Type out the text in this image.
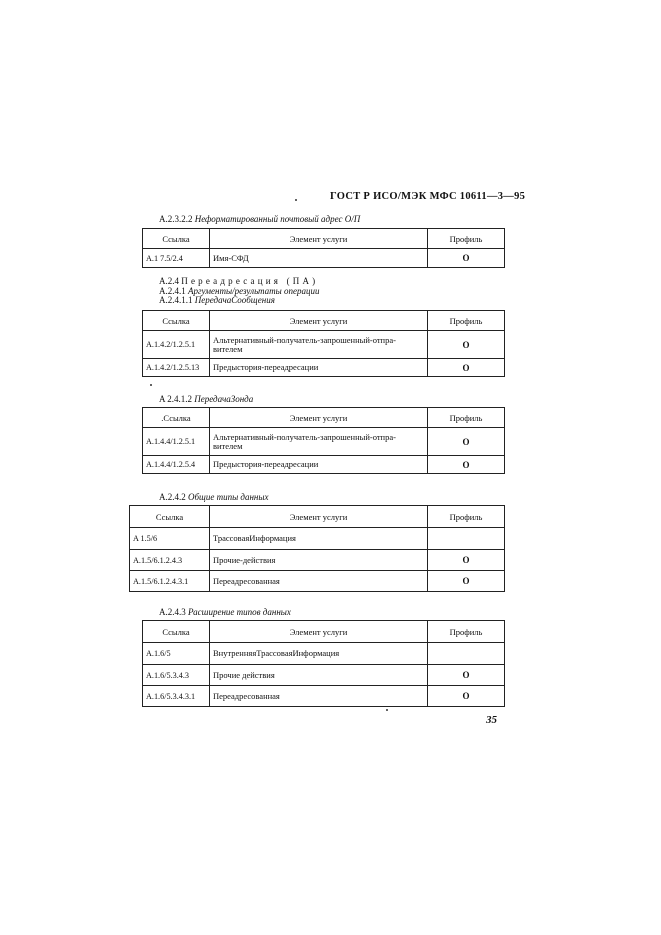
ГОСТ Р ИСО/МЭК МФС 10611—3—95
A.2.3.2.2 Неформатированный почтовый адрес О/П
Ссылка	Элемент услуги	Профиль
A.1 7.5/2.4	Имя-СФД	O
A.2.4 Переадресация (ПА)
A.2.4.1 Аргументы/результаты операции
A.2.4.1.1 ПередачаСообщения
Ссылка	Элемент услуги	Профиль
A.1.4.2/1.2.5.1	Альтернативный-получатель-запрошенный-отпра-вителем	O
A.1.4.2/1.2.5.13	Предыстория-переадресации	O
A 2.4.1.2 ПередачаЗонда
.Ссылка	Элемент услуги	Профиль
A.1.4.4/1.2.5.1	Альтернативный-получатель-запрошенный-отпра-вителем	O
A.1.4.4/1.2.5.4	Предыстория-переадресации	O
A.2.4.2 Общие типы данных
Ссылка	Элемент услуги	Профиль
A 1.5/6	ТрассоваяИнформация	
A.1.5/6.1.2.4.3	Прочие-действия	O
A.1.5/6.1.2.4.3.1	Переадресованная	O
A.2.4.3 Расширение типов данных
Ссылка	Элемент услуги	Профиль
A.1.6/5	ВнутренняяТрассоваяИнформация	
A.1.6/5.3.4.3	Прочие действия	O
A.1.6/5.3.4.3.1	Переадресованная	O
35
